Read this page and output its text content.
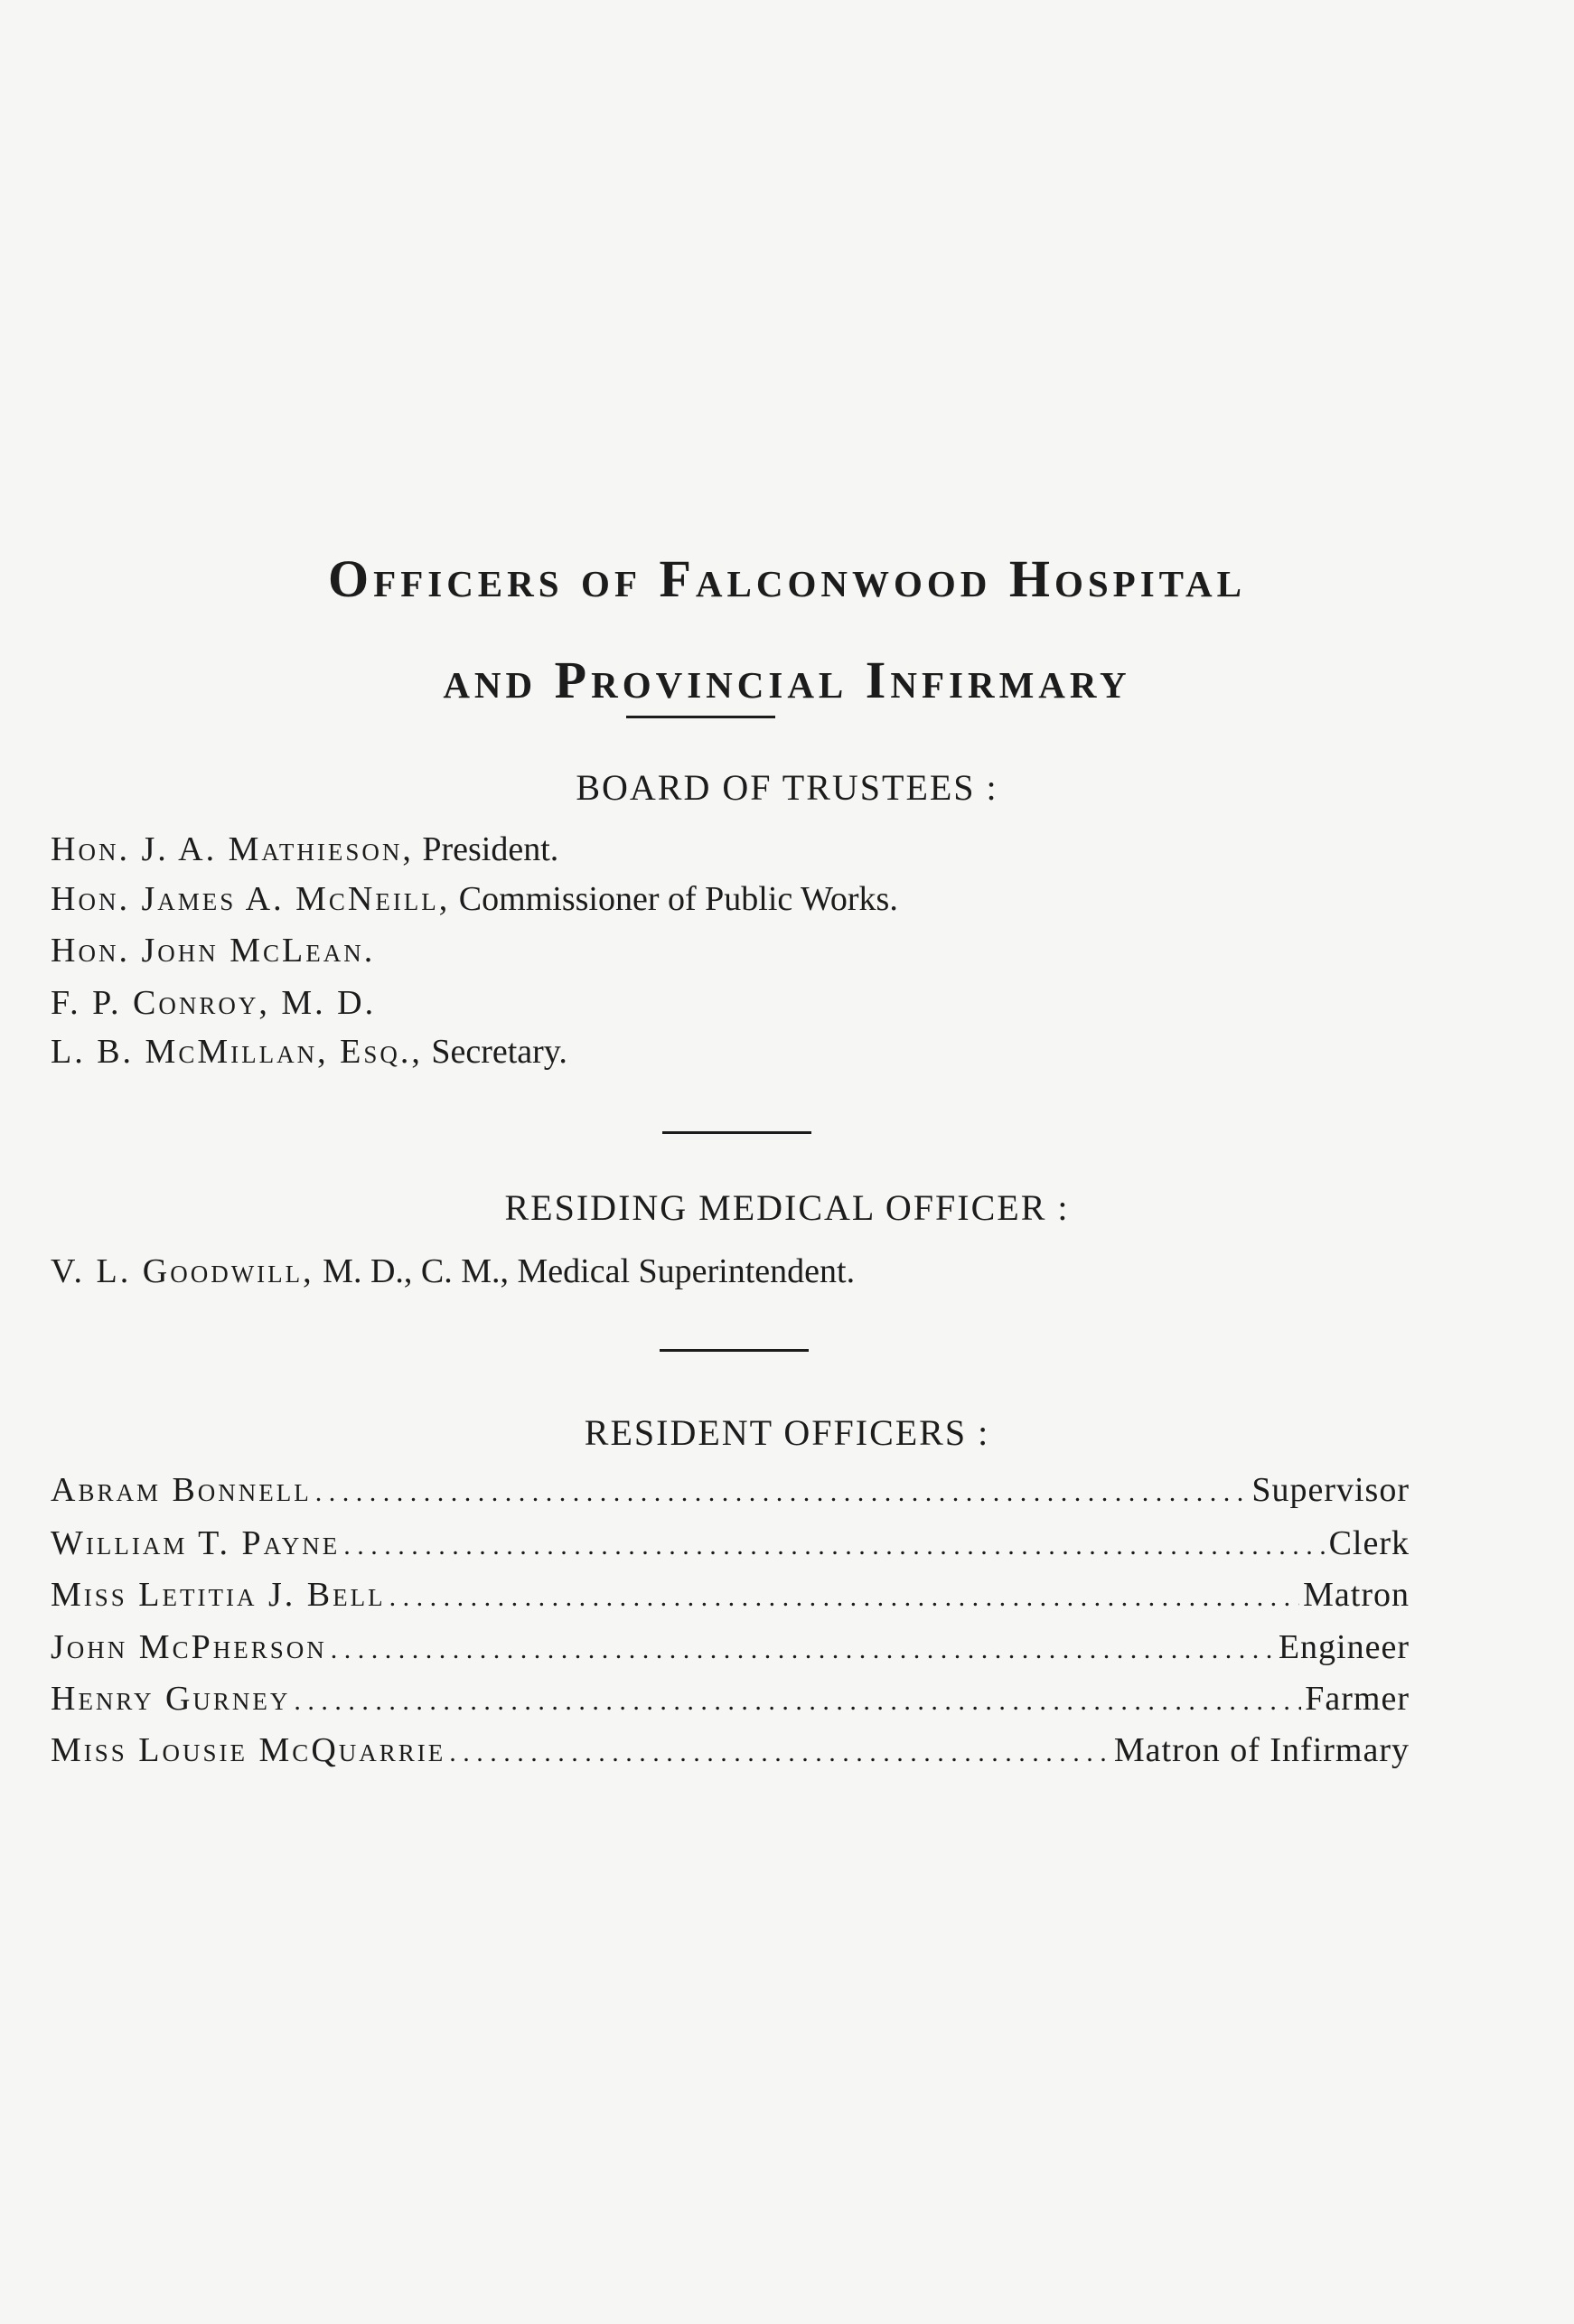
Officers of Falconwood Hospital
and Provincial Infirmary
BOARD OF TRUSTEES :
Hon. J. A. Mathieson, President.
Hon. James A. McNeill, Commissioner of Public Works.
Hon. John McLean.
F. P. Conroy, M. D.
L. B. McMillan, Esq., Secretary.
RESIDING MEDICAL OFFICER :
V. L. Goodwill, M. D., C. M., Medical Superintendent.
RESIDENT OFFICERS :
Abram Bonnell . . .	Supervisor
William T. Payne . . .	Clerk
Miss Letitia J. Bell . . .	Matron
John McPherson . . .	Engineer
Henry Gurney . . .	Farmer
Miss Lousie McQuarrie . . .	Matron of Infirmary
